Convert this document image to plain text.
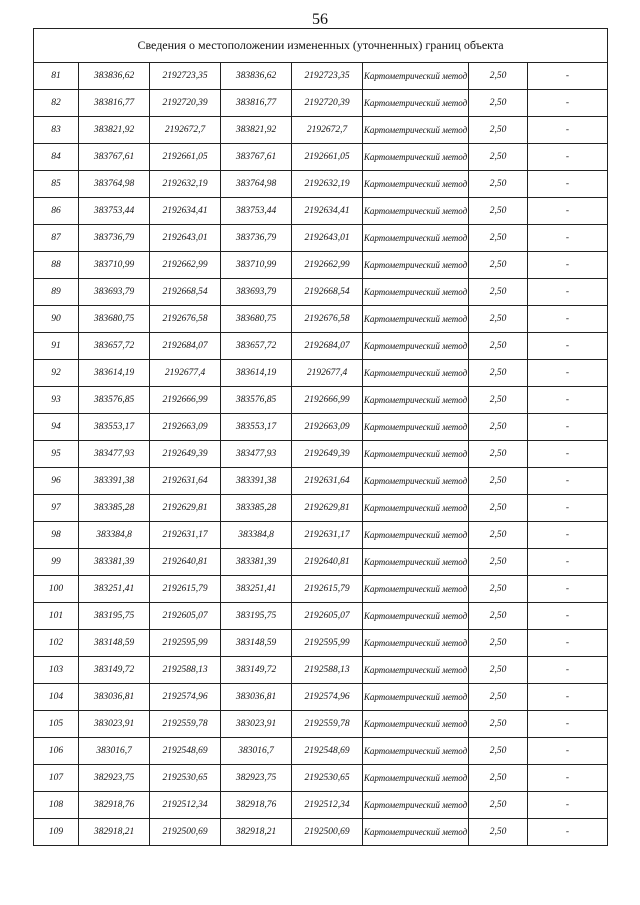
56
Сведения о местоположении измененных (уточненных) границ объекта							
81	383836,62	2192723,35	383836,62	2192723,35	Картометрический метод	2,50	-
82	383816,77	2192720,39	383816,77	2192720,39	Картометрический метод	2,50	-
83	383821,92	2192672,7	383821,92	2192672,7	Картометрический метод	2,50	-
84	383767,61	2192661,05	383767,61	2192661,05	Картометрический метод	2,50	-
85	383764,98	2192632,19	383764,98	2192632,19	Картометрический метод	2,50	-
86	383753,44	2192634,41	383753,44	2192634,41	Картометрический метод	2,50	-
87	383736,79	2192643,01	383736,79	2192643,01	Картометрический метод	2,50	-
88	383710,99	2192662,99	383710,99	2192662,99	Картометрический метод	2,50	-
89	383693,79	2192668,54	383693,79	2192668,54	Картометрический метод	2,50	-
90	383680,75	2192676,58	383680,75	2192676,58	Картометрический метод	2,50	-
91	383657,72	2192684,07	383657,72	2192684,07	Картометрический метод	2,50	-
92	383614,19	2192677,4	383614,19	2192677,4	Картометрический метод	2,50	-
93	383576,85	2192666,99	383576,85	2192666,99	Картометрический метод	2,50	-
94	383553,17	2192663,09	383553,17	2192663,09	Картометрический метод	2,50	-
95	383477,93	2192649,39	383477,93	2192649,39	Картометрический метод	2,50	-
96	383391,38	2192631,64	383391,38	2192631,64	Картометрический метод	2,50	-
97	383385,28	2192629,81	383385,28	2192629,81	Картометрический метод	2,50	-
98	383384,8	2192631,17	383384,8	2192631,17	Картометрический метод	2,50	-
99	383381,39	2192640,81	383381,39	2192640,81	Картометрический метод	2,50	-
100	383251,41	2192615,79	383251,41	2192615,79	Картометрический метод	2,50	-
101	383195,75	2192605,07	383195,75	2192605,07	Картометрический метод	2,50	-
102	383148,59	2192595,99	383148,59	2192595,99	Картометрический метод	2,50	-
103	383149,72	2192588,13	383149,72	2192588,13	Картометрический метод	2,50	-
104	383036,81	2192574,96	383036,81	2192574,96	Картометрический метод	2,50	-
105	383023,91	2192559,78	383023,91	2192559,78	Картометрический метод	2,50	-
106	383016,7	2192548,69	383016,7	2192548,69	Картометрический метод	2,50	-
107	382923,75	2192530,65	382923,75	2192530,65	Картометрический метод	2,50	-
108	382918,76	2192512,34	382918,76	2192512,34	Картометрический метод	2,50	-
109	382918,21	2192500,69	382918,21	2192500,69	Картометрический метод	2,50	-
